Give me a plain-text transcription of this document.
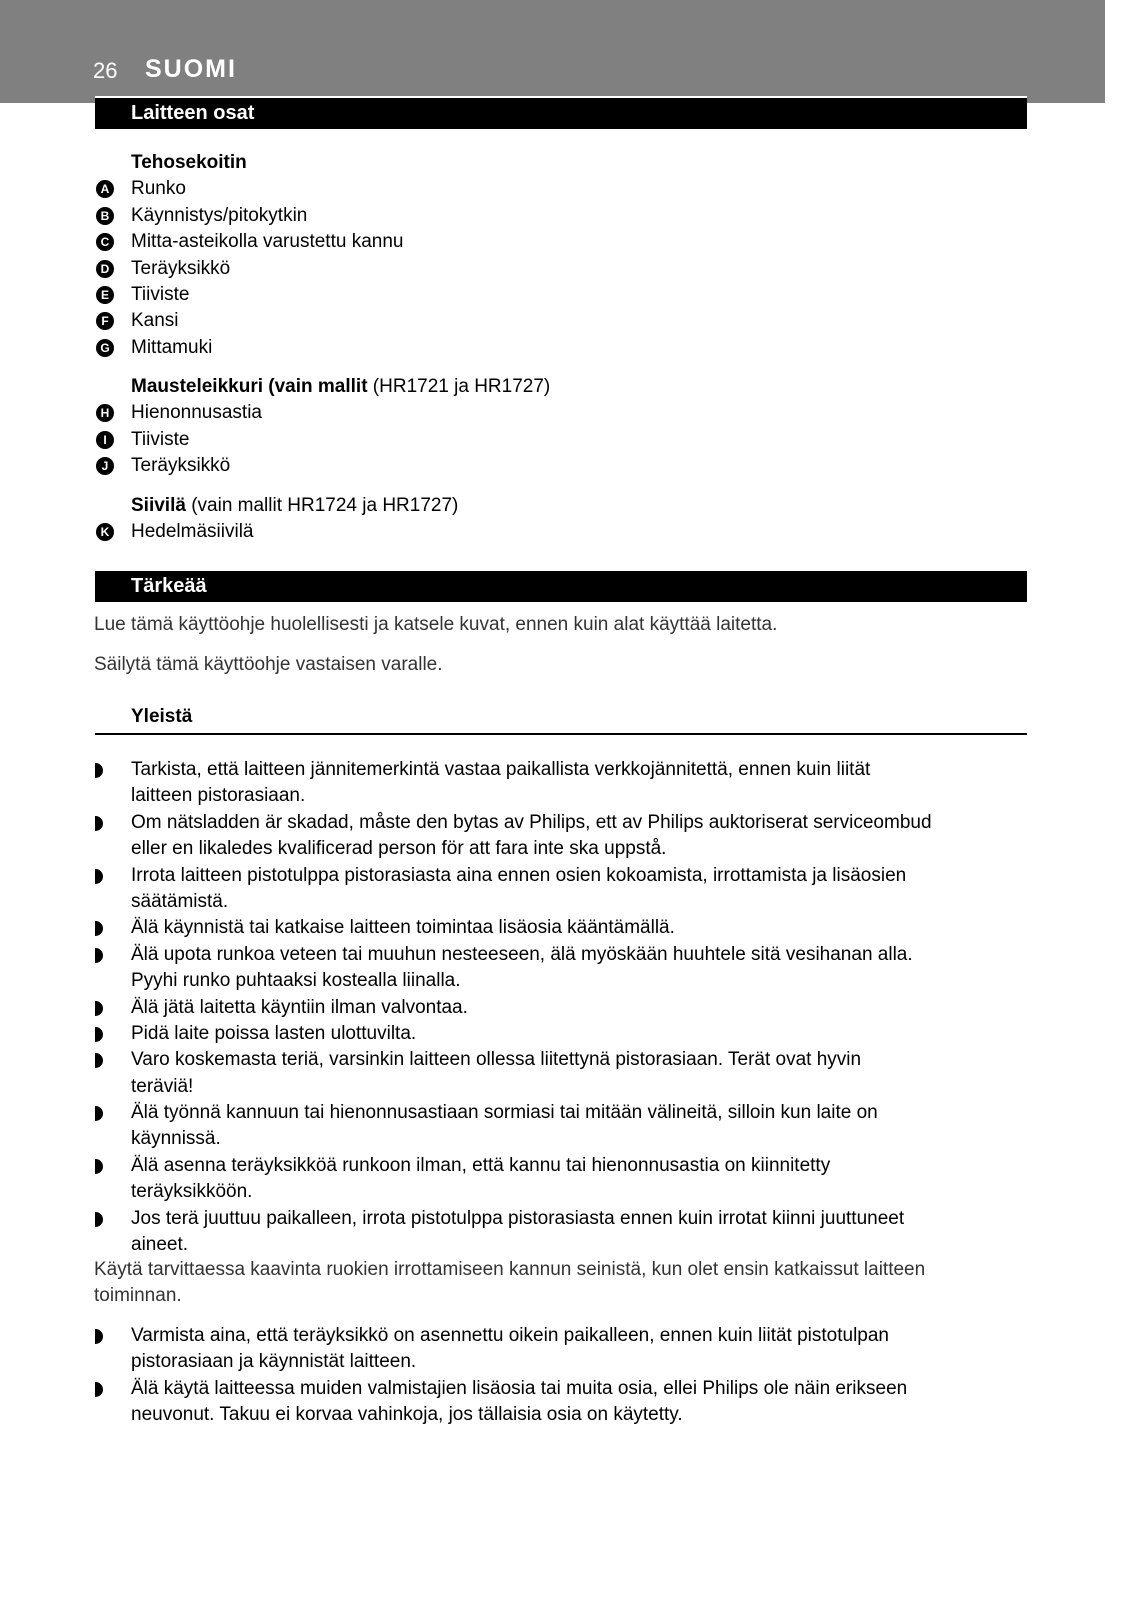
26 SUOMI
Laitteen osat
Tehosekoitin
A Runko
B Käynnistys/pitokytkin
C Mitta-asteikolla varustettu kannu
D Teräyksikkö
E Tiiviste
F Kansi
G Mittamuki
Mausteleikkuri (vain mallit (HR1721 ja HR1727)
H Hienonnusastia
I	Tiiviste
J Teräyksikkö
Siivilä (vain mallit HR1724 ja HR1727)
K Hedelmäsiivilä
Tärkeää
Lue tämä käyttöohje huolellisesti ja katsele kuvat, ennen kuin alat käyttää laitetta.
Säilytä tämä käyttöohje vastaisen varalle.
Yleistä
Tarkista, että laitteen jännitemerkintä vastaa paikallista verkkojännitettä, ennen kuin liität
laitteen pistorasiaan.
Om nätsladden är skadad, måste den bytas av Philips, ett av Philips auktoriserat serviceombud
eller en likaledes kvalificerad person för att fara inte ska uppstå.
Irrota laitteen pistotulppa pistorasiasta aina ennen osien kokoamista, irrottamista ja lisäosien
säätämistä.
Älä käynnistä tai katkaise laitteen toimintaa lisäosia kääntämällä.
Älä upota runkoa veteen tai muuhun nesteeseen, älä myöskään huuhtele sitä vesihanan alla.
Pyyhi runko puhtaaksi kostealla liinalla.
Älä jätä laitetta käyntiin ilman valvontaa.
Pidä laite poissa lasten ulottuvilta.
Varo koskemasta teriä, varsinkin laitteen ollessa liitettynä pistorasiaan. Terät ovat hyvin
teräviä!
Älä työnnä kannuun tai hienonnusastiaan sormiasi tai mitään välineitä, silloin kun laite on
käynnissä.
Älä asenna teräyksikköä runkoon ilman, että kannu tai hienonnusastia on kiinnitetty
teräyksikköön.
Jos terä juuttuu paikalleen, irrota pistotulppa pistorasiasta ennen kuin irrotat kiinni juuttuneet
aineet.
Käytä tarvittaessa kaavinta ruokien irrottamiseen kannun seinistä, kun olet ensin katkaissut laitteen
toiminnan.
Varmista aina, että teräyksikkö on asennettu oikein paikalleen, ennen kuin liität pistotulpan
pistorasiaan ja käynnistät laitteen.
Älä käytä laitteessa muiden valmistajien lisäosia tai muita osia, ellei Philips ole näin erikseen
neuvonut. Takuu ei korvaa vahinkoja, jos tällaisia osia on käytetty.
